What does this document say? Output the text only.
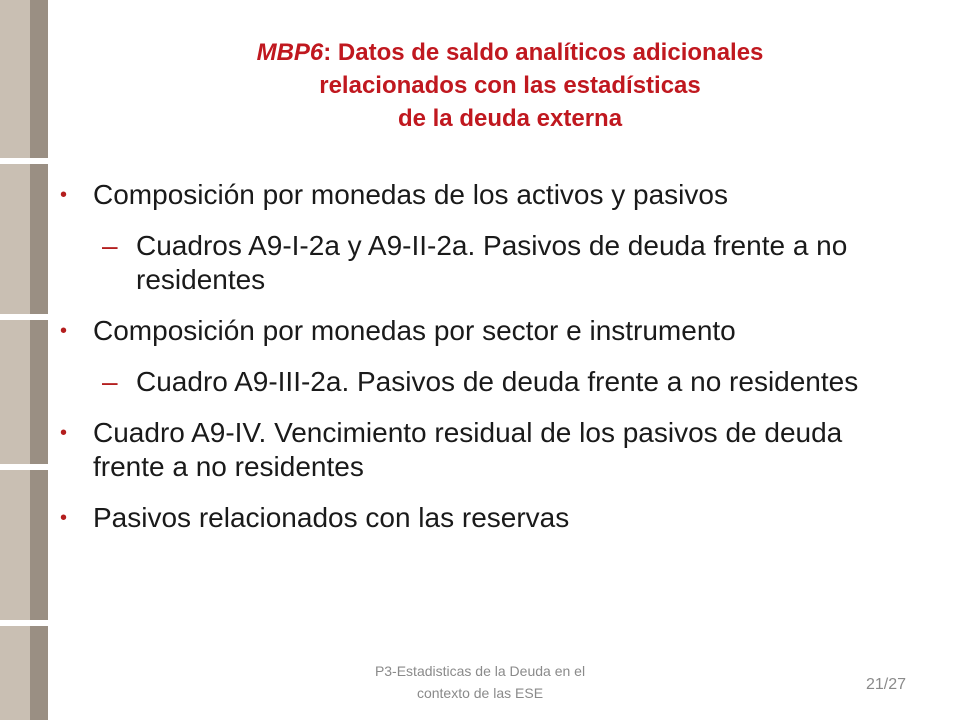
MBP6: Datos de saldo analíticos adicionales
relacionados con las estadísticas
de la deuda externa
• Composición por monedas de los activos y pasivos
– Cuadros A9-I-2a y A9-II-2a. Pasivos de deuda frente a no residentes
• Composición por monedas por sector e instrumento
– Cuadro A9-III-2a. Pasivos de deuda frente a no residentes
• Cuadro A9-IV. Vencimiento residual de los pasivos de deuda frente a no residentes
• Pasivos relacionados con las reservas
P3-Estadisticas de la Deuda en el
contexto de las ESE	21/27
